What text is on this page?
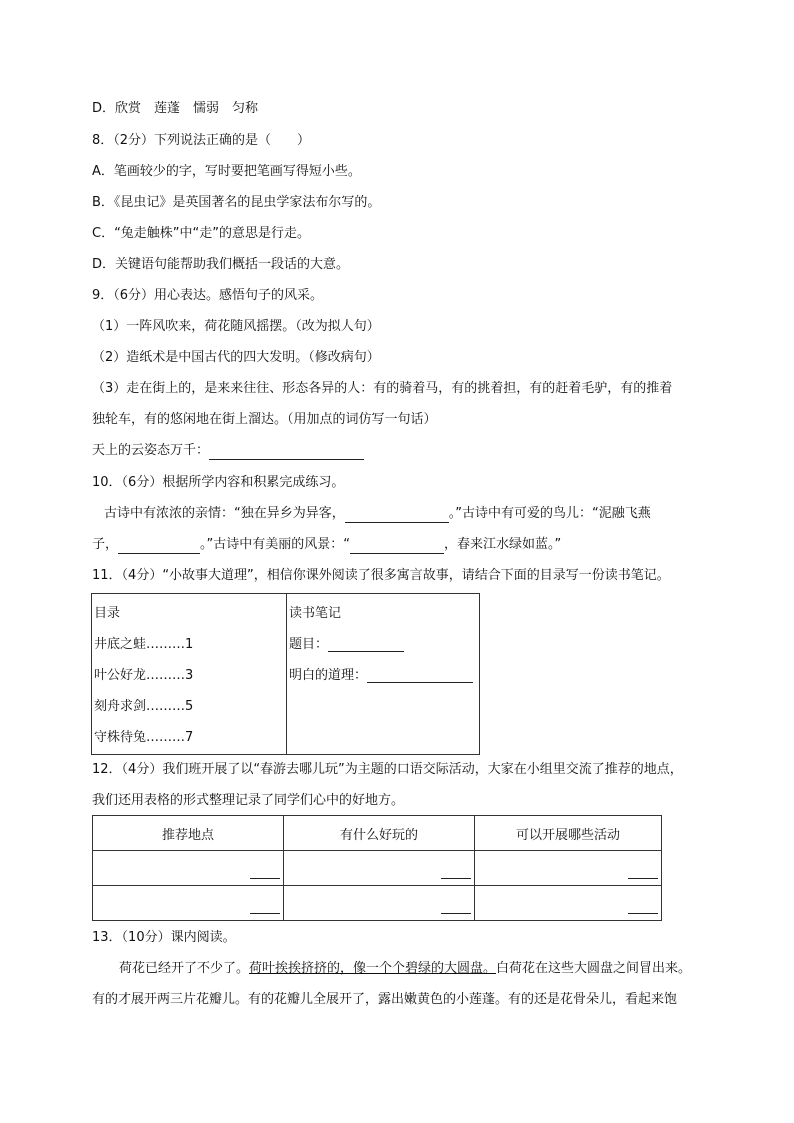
D．欣赏　莲蓬　懦弱　匀称
8．（2分）下列说法正确的是（　　）
A．笔画较少的字，写时要把笔画写得短小些。
B．《昆虫记》是英国著名的昆虫学家法布尔写的。
C．“兔走触株”中“走”的意思是行走。
D．关键语句能帮助我们概括一段话的大意。
9．（6分）用心表达。感悟句子的风采。
（1）一阵风吹来，荷花随风摇摆。（改为拟人句）
（2）造纸术是中国古代的四大发明。（修改病句）
（3）走在街上的，是来来往往、形态各异的人：有的骑着马，有的挑着担，有的赶着毛驴，有的推着
独轮车，有的悠闲地在街上溜达。（用加点的词仿写一句话）
天上的云姿态万千：
10．（6分）根据所学内容和积累完成练习。
古诗中有浓浓的亲情：“独在异乡为异客，	。”古诗中有可爱的鸟儿：“泥融飞燕
子，	。”古诗中有美丽的风景：“	，春来江水绿如蓝。”
11．（4分）“小故事大道理”，相信你课外阅读了很多寓言故事，请结合下面的目录写一份读书笔记。
目录
井底之蛙………1
叶公好龙………3
刻舟求剑………5
守株待兔………7

读书笔记
题目：
明白的道理：
12．（4分）我们班开展了以“春游去哪儿玩”为主题的口语交际活动，大家在小组里交流了推荐的地点，
我们还用表格的形式整理记录了同学们心中的好地方。
推荐地点	有什么好玩的	可以开展哪些活动

13．（10分）课内阅读。
荷花已经开了不少了。荷叶挨挨挤挤的，像一个个碧绿的大圆盘。白荷花在这些大圆盘之间冒出来。
有的才展开两三片花瓣儿。有的花瓣儿全展开了，露出嫩黄色的小莲蓬。有的还是花骨朵儿，看起来饱
